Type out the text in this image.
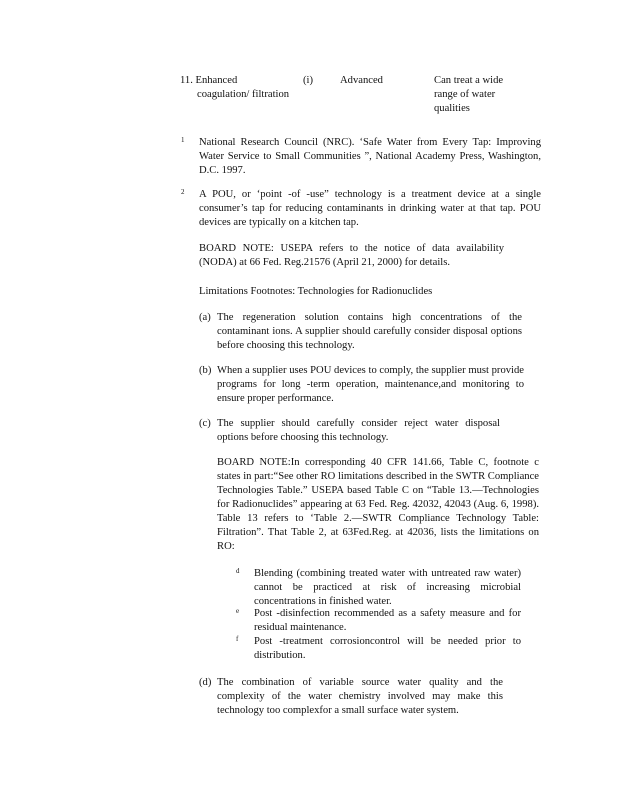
11. Enhanced
coagulation/ filtration
(i)	Advanced	Can treat a wide range of water qualities
1 National Research Council (NRC). ‘Safe Water from Every Tap: Improving Water Service to Small Communities ”, National Academy Press, Washington, D.C. 1997.
2 A POU, or ‘point -of -use” technology is a treatment device at a single consumer’s tap for reducing contaminants in drinking water at that tap. POU devices are typically on a kitchen tap.
BOARD NOTE: USEPA refers to the notice of data availability (NODA) at 66 Fed. Reg.21576 (April 21, 2000) for details.
Limitations Footnotes: Technologies for Radionuclides
(a) The regeneration solution contains high concentrations of the contaminant ions. A supplier should carefully consider disposal options before choosing this technology.
(b) When a supplier uses POU devices to comply, the supplier must provide programs for long -term operation, maintenance,and monitoring to ensure proper performance.
(c) The supplier should carefully consider reject water disposal options before choosing this technology.
BOARD NOTE:In corresponding 40 CFR 141.66, Table C, footnote c states in part:“See other RO limitations described in the SWTR Compliance Technologies Table.” USEPA based Table C on “Table 13.—Technologies for Radionuclides” appearing at 63 Fed. Reg. 42032, 42043 (Aug. 6, 1998). Table 13 refers to ‘Table 2.—SWTR Compliance Technology Table: Filtration”. That Table 2, at 63Fed.Reg. at 42036, lists the limitations on RO:
d Blending (combining treated water with untreated raw water) cannot be practiced at risk of increasing microbial concentrations in finished water.
e Post -disinfection recommended as a safety measure and for residual maintenance.
f Post -treatment corrosioncontrol will be needed prior to distribution.
(d) The combination of variable source water quality and the complexity of the water chemistry involved may make this technology too complexfor a small surface water system.
